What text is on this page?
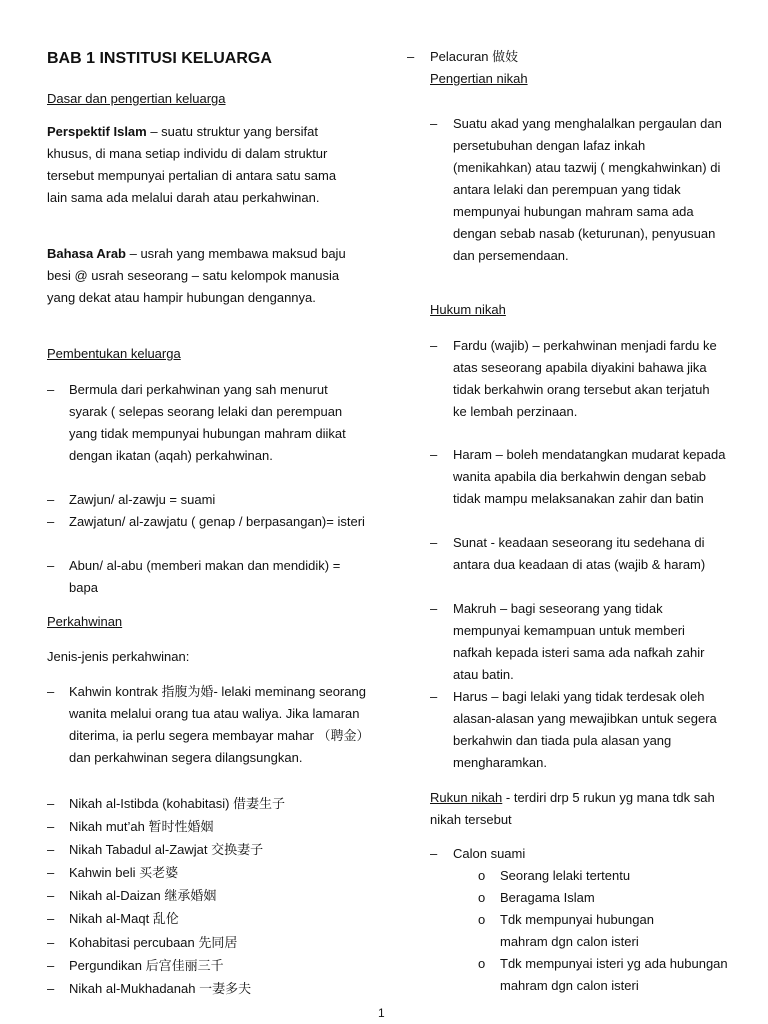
BAB 1 INSTITUSI KELUARGA
Dasar dan pengertian keluarga
Perspektif Islam – suatu struktur yang bersifat khusus, di mana setiap individu di dalam struktur tersebut mempunyai pertalian di antara satu sama lain sama ada melalui darah atau perkahwinan.
Bahasa Arab – usrah yang membawa maksud baju besi @ usrah seseorang – satu kelompok manusia yang dekat atau hampir hubungan dengannya.
Pembentukan keluarga
– Bermula dari perkahwinan yang sah menurut syarak ( selepas seorang lelaki dan perempuan yang tidak mempunyai hubungan mahram diikat dengan ikatan (aqah) perkahwinan.
– Zawjun/ al-zawju = suami
– Zawjatun/ al-zawjatu ( genap / berpasangan)= isteri
– Abun/ al-abu (memberi makan dan mendidik) = bapa
Perkahwinan
Jenis-jenis perkahwinan:
– Kahwin kontrak 指腹为婚- lelaki meminang seorang wanita melalui orang tua atau waliya. Jika lamaran diterima, ia perlu segera membayar mahar （聘金）dan perkahwinan segera dilangsungkan.
– Nikah al-Istibda (kohabitasi) 借妻生子
– Nikah mut’ah 暂时性婚姻
– Nikah Tabadul al-Zawjat 交换妻子
– Kahwin beli 买老婆
– Nikah al-Daizan 继承婚姻
– Nikah al-Maqt 乱伦
– Kohabitasi percubaan 先同居
– Pergundikan 后宫佳丽三千
– Nikah al-Mukhadanah 一妻多夫
– Pelacuran 做妓
Pengertian nikah
– Suatu akad yang menghalalkan pergaulan dan persetubuhan dengan lafaz inkah (menikahkan) atau tazwij ( mengkahwinkan) di antara lelaki dan perempuan yang tidak mempunyai hubungan mahram sama ada dengan sebab nasab (keturunan), penyusuan dan persemendaan.
Hukum nikah
– Fardu (wajib) – perkahwinan menjadi fardu ke atas seseorang apabila diyakini bahawa jika tidak berkahwin orang tersebut akan terjatuh ke lembah perzinaan.
– Haram – boleh mendatangkan mudarat kepada wanita apabila dia berkahwin dengan sebab tidak mampu melaksanakan zahir dan batin
– Sunat - keadaan seseorang itu sedehana di antara dua keadaan di atas (wajib & haram)
– Makruh – bagi seseorang yang tidak mempunyai kemampuan untuk memberi nafkah kepada isteri sama ada nafkah zahir atau batin.
– Harus – bagi lelaki yang tidak terdesak oleh alasan-alasan yang mewajibkan untuk segera berkahwin dan tiada pula alasan yang mengharamkan.
Rukun nikah - terdiri drp 5 rukun yg mana tdk sah nikah tersebut
– Calon suami
o Seorang lelaki tertentu
o Beragama Islam
o Tdk mempunyai hubungan mahram dgn calon isteri
o Tdk mempunyai isteri yg ada hubungan mahram dgn calon isteri
1
